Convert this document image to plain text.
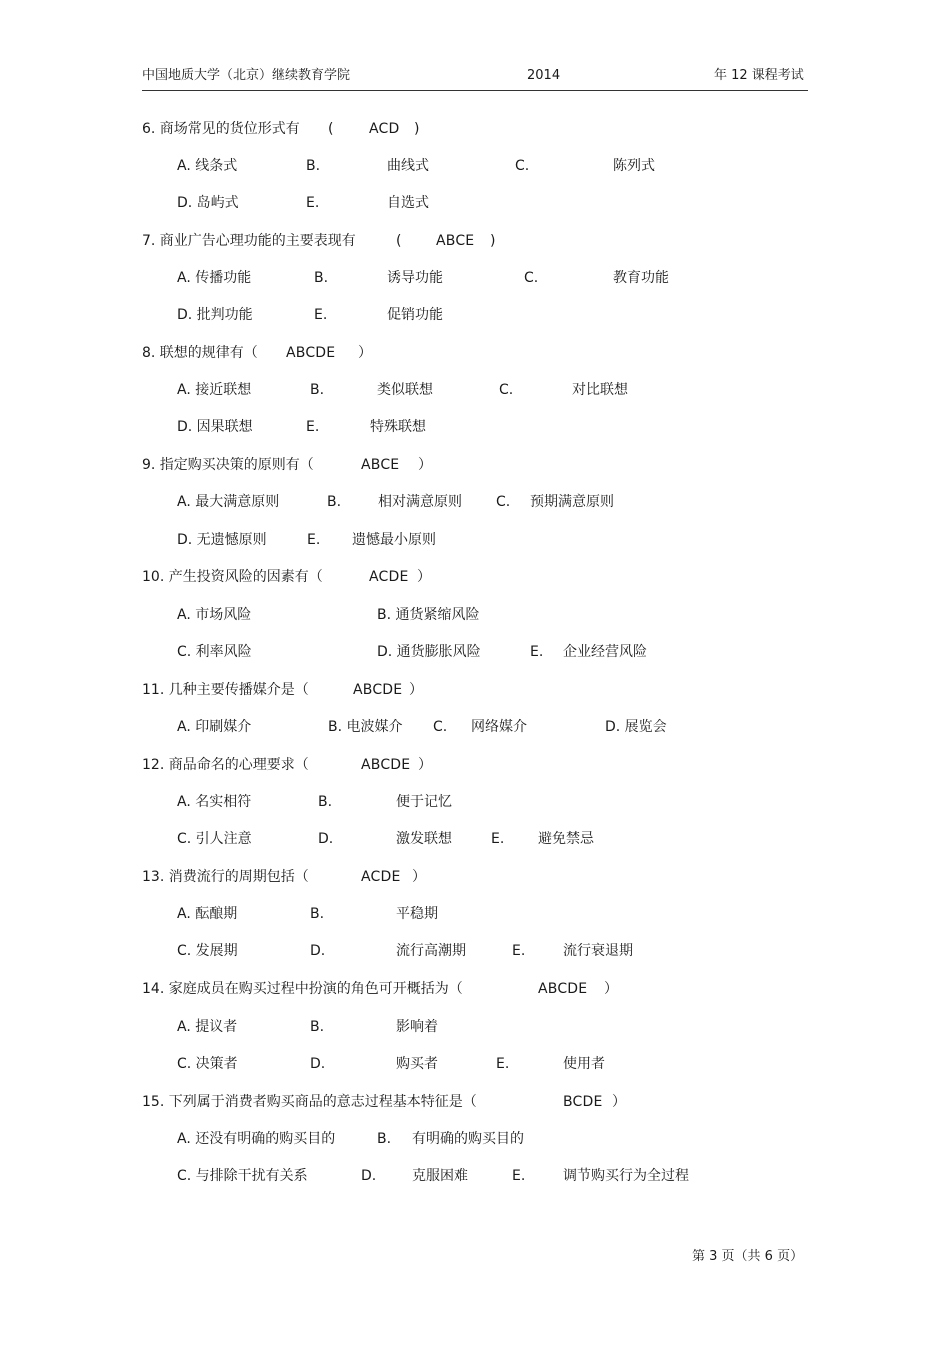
中国地质大学（北京）继续教育学院	2014	年 12 课程考试
6. 商场常见的货位形式有 (	ACD )
A. 线条式	B.	曲线式	C.	陈列式
D. 岛屿式	E.	自选式
7. 商业广告心理功能的主要表现有	( ABCE )
A. 传播功能	B.	诱导功能	C.	教育功能
D. 批判功能	E.	促销功能
8. 联想的规律有（ ABCDE ）
A. 接近联想	B.	类似联想	C.	对比联想
D. 因果联想	E.	特殊联想
9. 指定购买决策的原则有（	ABCE ）
A. 最大满意原则	B.	相对满意原则 C. 预期满意原则
D. 无遗憾原则	E. 遗憾最小原则
10. 产生投资风险的因素有（	ACDE ）
A. 市场风险	B. 通货紧缩风险
C. 利率风险	D. 通货膨胀风险	E. 企业经营风险
11. 几种主要传播媒介是（	ABCDE ）
A. 印刷媒介	B. 电波媒介 C. 网络媒介	D. 展览会
12. 商品命名的心理要求（	ABCDE ）
A. 名实相符	B.	便于记忆
C. 引人注意	D.	激发联想	E. 避免禁忌
13. 消费流行的周期包括（	ACDE ）
A. 酝酿期	B.	平稳期
C. 发展期	D.	流行高潮期	E.	流行衰退期
14. 家庭成员在购买过程中扮演的角色可开概括为（	ABCDE ）
A. 提议者	B.	影响着
C. 决策者	D.	购买者	E.	使用者
15. 下列属于消费者购买商品的意志过程基本特征是（	BCDE ）
A. 还没有明确的购买目的	B. 有明确的购买目的
C. 与排除干扰有关系	D.	克服困难	E.	调节购买行为全过程
第 3 页（共 6 页）
